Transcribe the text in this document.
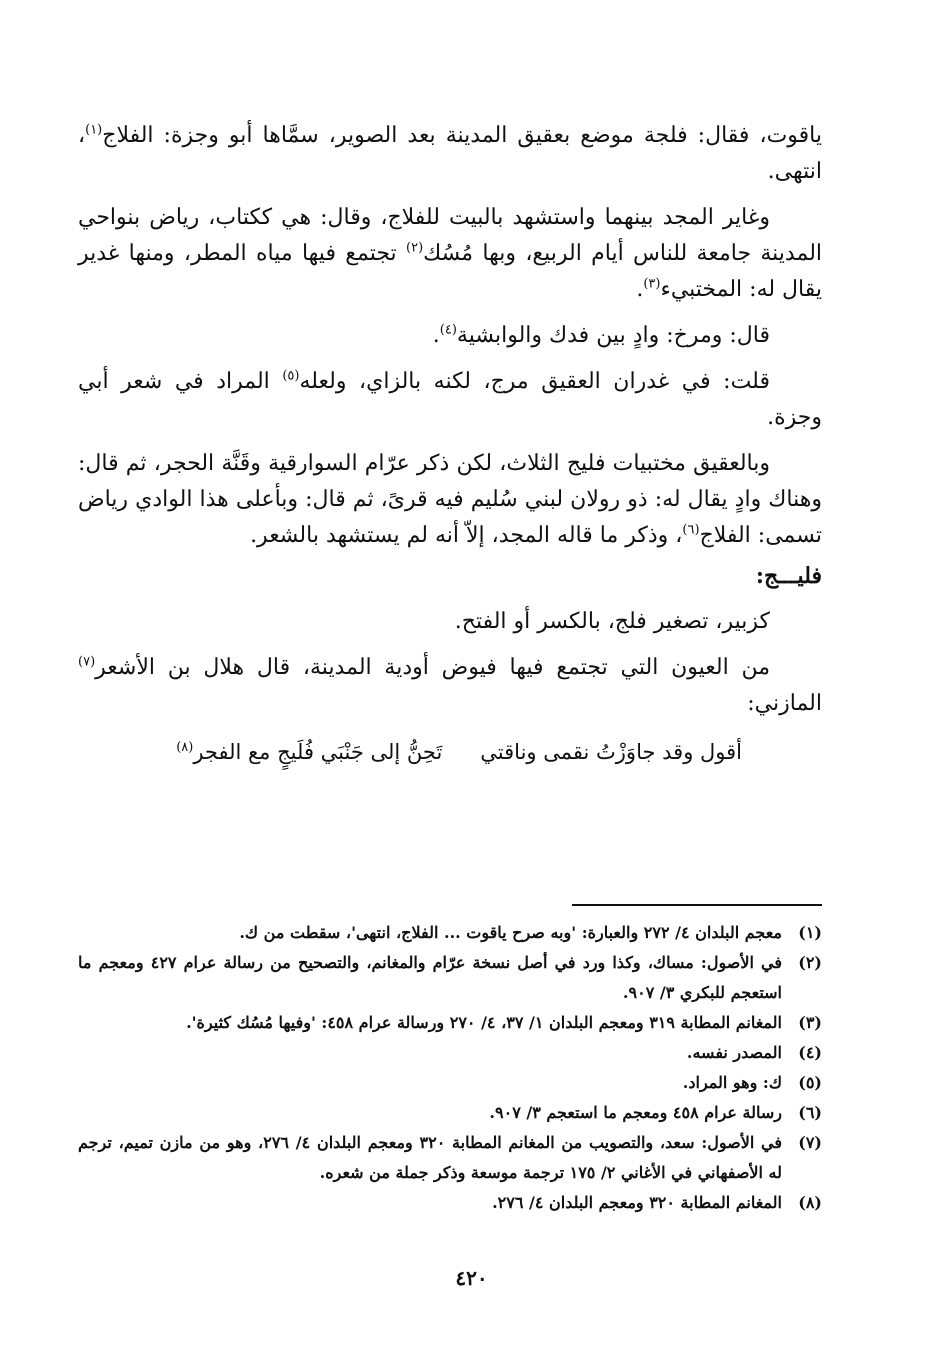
ياقوت، فقال: فلجة موضع بعقيق المدينة بعد الصوير، سمَّاها أبو وجزة: الفلاج$^{(١)}$، انتهى.

وغاير المجد بينهما واستشهد بالبيت للفلاج، وقال: هي ككتاب، رياض بنواحي المدينة جامعة للناس أيام الربيع، وبها مُسُك$^{(٢)}$ تجتمع فيها مياه المطر، ومنها غدير يقال له: المختبيء$^{(٣)}$.

قال: ومرخ: وادٍ بين فدك والوابشية$^{(٤)}$.

قلت: في غدران العقيق مرج، لكنه بالزاي، ولعله$^{(٥)}$ المراد في شعر أبي وجزة.

وبالعقيق مختبيات فليج الثلاث، لكن ذكر عرّام السوارقية وقَنَّة الحجر، ثم قال: وهناك وادٍ يقال له: ذو رولان لبني سُليم فيه قرىً، ثم قال: وبأعلى هذا الوادي رياض تسمى: الفلاج$^{(٦)}$، وذكر ما قاله المجد، إلاّ أنه لم يستشهد بالشعر.

فليـــج:

كزبير، تصغير فلج، بالكسر أو الفتح.

من العيون التي تجتمع فيها فيوض أودية المدينة، قال هلال بن الأشعر$^{(٧)}$ المازني:

أقول وقد جاوَزْتُ نقمى وناقتي
تَحِنُّ إلى جَنْبَي فُلَيجٍ مع الفجر$^{(٨)}$
(١)
معجم البلدان ٤/ ٢٧٢ والعبارة: 'وبه صرح ياقوت ... الفلاج، انتهى'، سقطت من ك.
(٢)
في الأصول: مساك، وكذا ورد في أصل نسخة عرّام والمغانم، والتصحيح من رسالة عرام ٤٢٧ ومعجم ما استعجم للبكري ٣/ ٩٠٧.
(٣)
المغانم المطابة ٣١٩ ومعجم البلدان ١/ ٣٧، ٤/ ٢٧٠ ورسالة عرام ٤٥٨: 'وفيها مُسُك كثيرة'.
(٤)
المصدر نفسه.
(٥)
ك: وهو المراد.
(٦)
رسالة عرام ٤٥٨ ومعجم ما استعجم ٣/ ٩٠٧.
(٧)
في الأصول: سعد، والتصويب من المغانم المطابة ٣٢٠ ومعجم البلدان ٤/ ٢٧٦، وهو من مازن تميم، ترجم له الأصفهاني في الأغاني ٢/ ١٧٥ ترجمة موسعة وذكر جملة من شعره.
(٨)
المغانم المطابة ٣٢٠ ومعجم البلدان ٤/ ٢٧٦.
٤٢٠
